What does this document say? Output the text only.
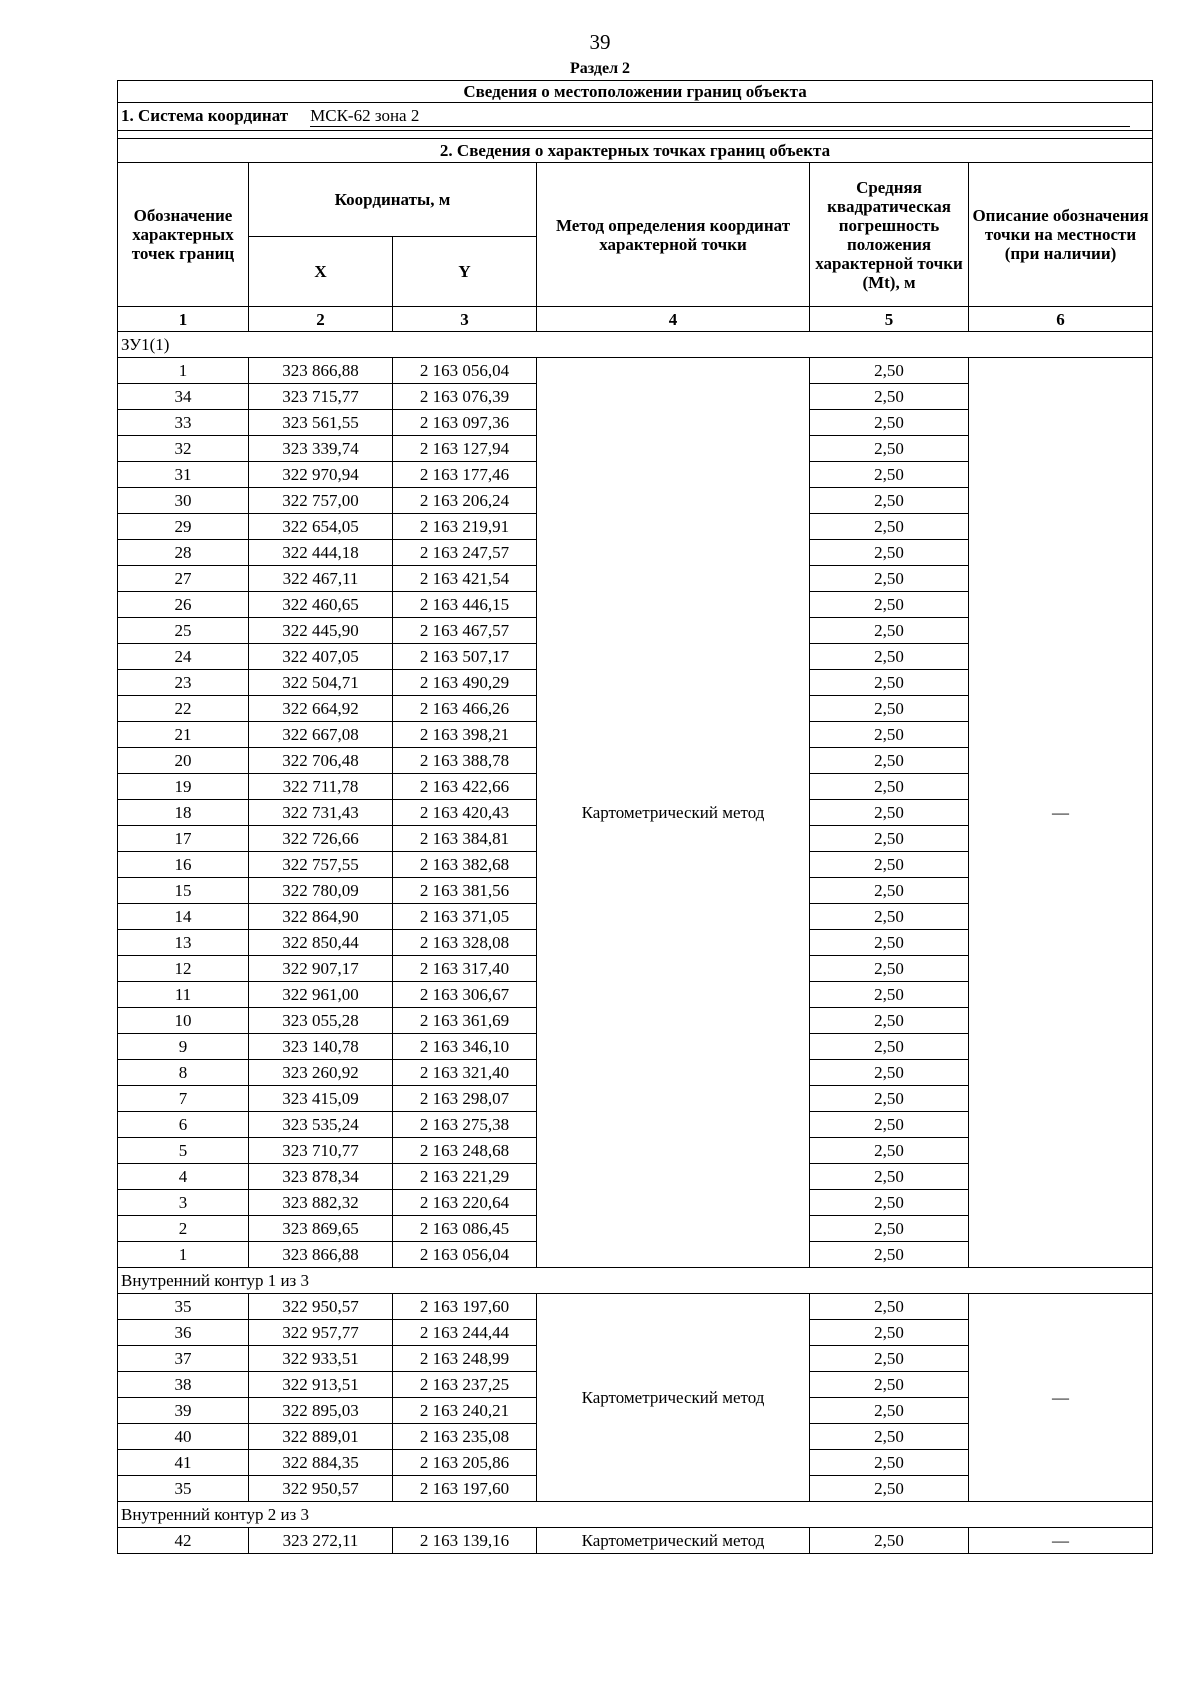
39
Раздел 2
Сведения о местоположении границ объекта					
1. Система координат МСК-62 зона 2					

2. Сведения о характерных точках границ объекта					
Обозначение характерных точек границ	Координаты, м		Метод определения координат характерной точки	Средняя квадратическая погрешность положения характерной точки (Mt), м	Описание обозначения точки на местности (при наличии)
	X	Y			
1	2	3	4	5	6
ЗУ1(1)					
1	323 866,88	2 163 056,04	Картометрический метод	2,50	—
34	323 715,77	2 163 076,39		2,50	
33	323 561,55	2 163 097,36		2,50	
32	323 339,74	2 163 127,94		2,50	
31	322 970,94	2 163 177,46		2,50	
30	322 757,00	2 163 206,24		2,50	
29	322 654,05	2 163 219,91		2,50	
28	322 444,18	2 163 247,57		2,50	
27	322 467,11	2 163 421,54		2,50	
26	322 460,65	2 163 446,15		2,50	
25	322 445,90	2 163 467,57		2,50	
24	322 407,05	2 163 507,17		2,50	
23	322 504,71	2 163 490,29		2,50	
22	322 664,92	2 163 466,26		2,50	
21	322 667,08	2 163 398,21		2,50	
20	322 706,48	2 163 388,78		2,50	
19	322 711,78	2 163 422,66		2,50	
18	322 731,43	2 163 420,43		2,50	
17	322 726,66	2 163 384,81		2,50	
16	322 757,55	2 163 382,68		2,50	
15	322 780,09	2 163 381,56		2,50	
14	322 864,90	2 163 371,05		2,50	
13	322 850,44	2 163 328,08		2,50	
12	322 907,17	2 163 317,40		2,50	
11	322 961,00	2 163 306,67		2,50	
10	323 055,28	2 163 361,69		2,50	
9	323 140,78	2 163 346,10		2,50	
8	323 260,92	2 163 321,40		2,50	
7	323 415,09	2 163 298,07		2,50	
6	323 535,24	2 163 275,38		2,50	
5	323 710,77	2 163 248,68		2,50	
4	323 878,34	2 163 221,29		2,50	
3	323 882,32	2 163 220,64		2,50	
2	323 869,65	2 163 086,45		2,50	
1	323 866,88	2 163 056,04		2,50	
Внутренний контур 1 из 3					
35	322 950,57	2 163 197,60	Картометрический метод	2,50	—
36	322 957,77	2 163 244,44		2,50	
37	322 933,51	2 163 248,99		2,50	
38	322 913,51	2 163 237,25		2,50	
39	322 895,03	2 163 240,21		2,50	
40	322 889,01	2 163 235,08		2,50	
41	322 884,35	2 163 205,86		2,50	
35	322 950,57	2 163 197,60		2,50	
Внутренний контур 2 из 3					
42	323 272,11	2 163 139,16	Картометрический метод	2,50	—
